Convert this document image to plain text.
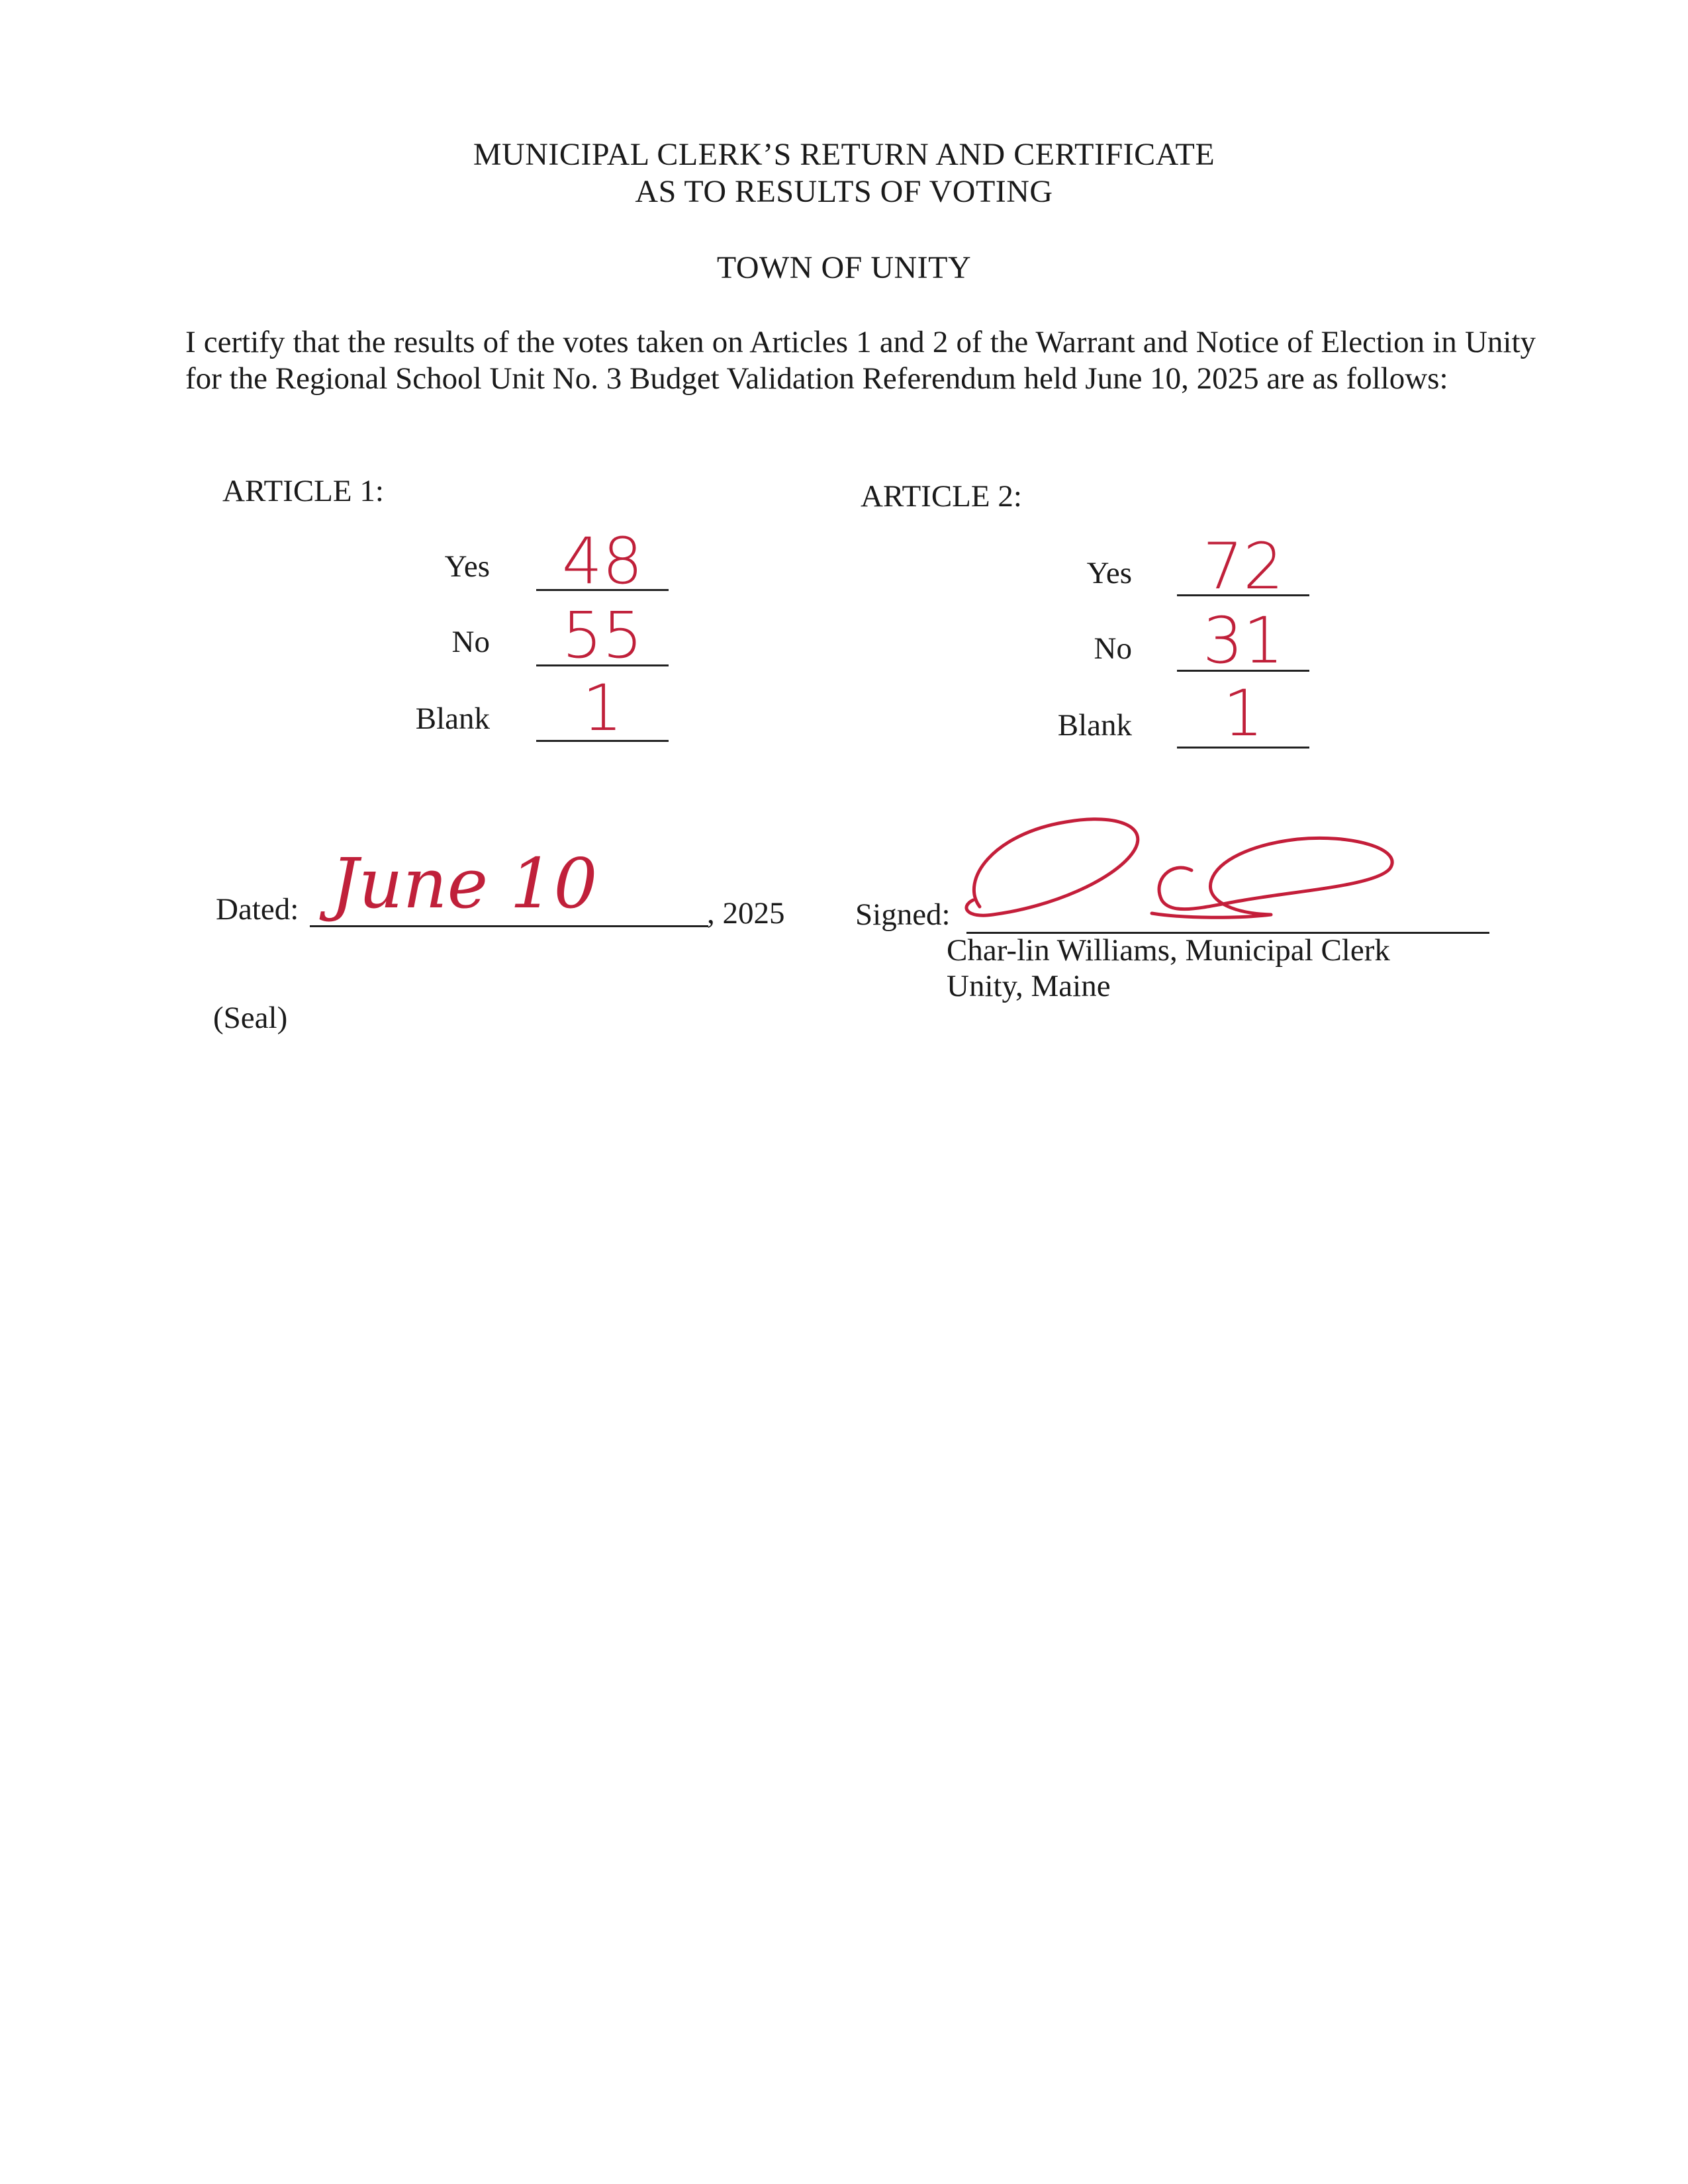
MUNICIPAL CLERK’S RETURN AND CERTIFICATE
AS TO RESULTS OF VOTING
TOWN OF UNITY
I certify that the results of the votes taken on Articles 1 and 2 of the Warrant and Notice of Election in Unity for the Regional School Unit No. 3 Budget Validation Referendum held June 10, 2025 are as follows:
ARTICLE 1:
Yes	48
No	55
Blank	1
ARTICLE 2:
Yes	72
No	31
Blank	1
Dated: June 10	, 2025 Signed:
Char-lin Williams, Municipal Clerk
Unity, Maine
(Seal)
